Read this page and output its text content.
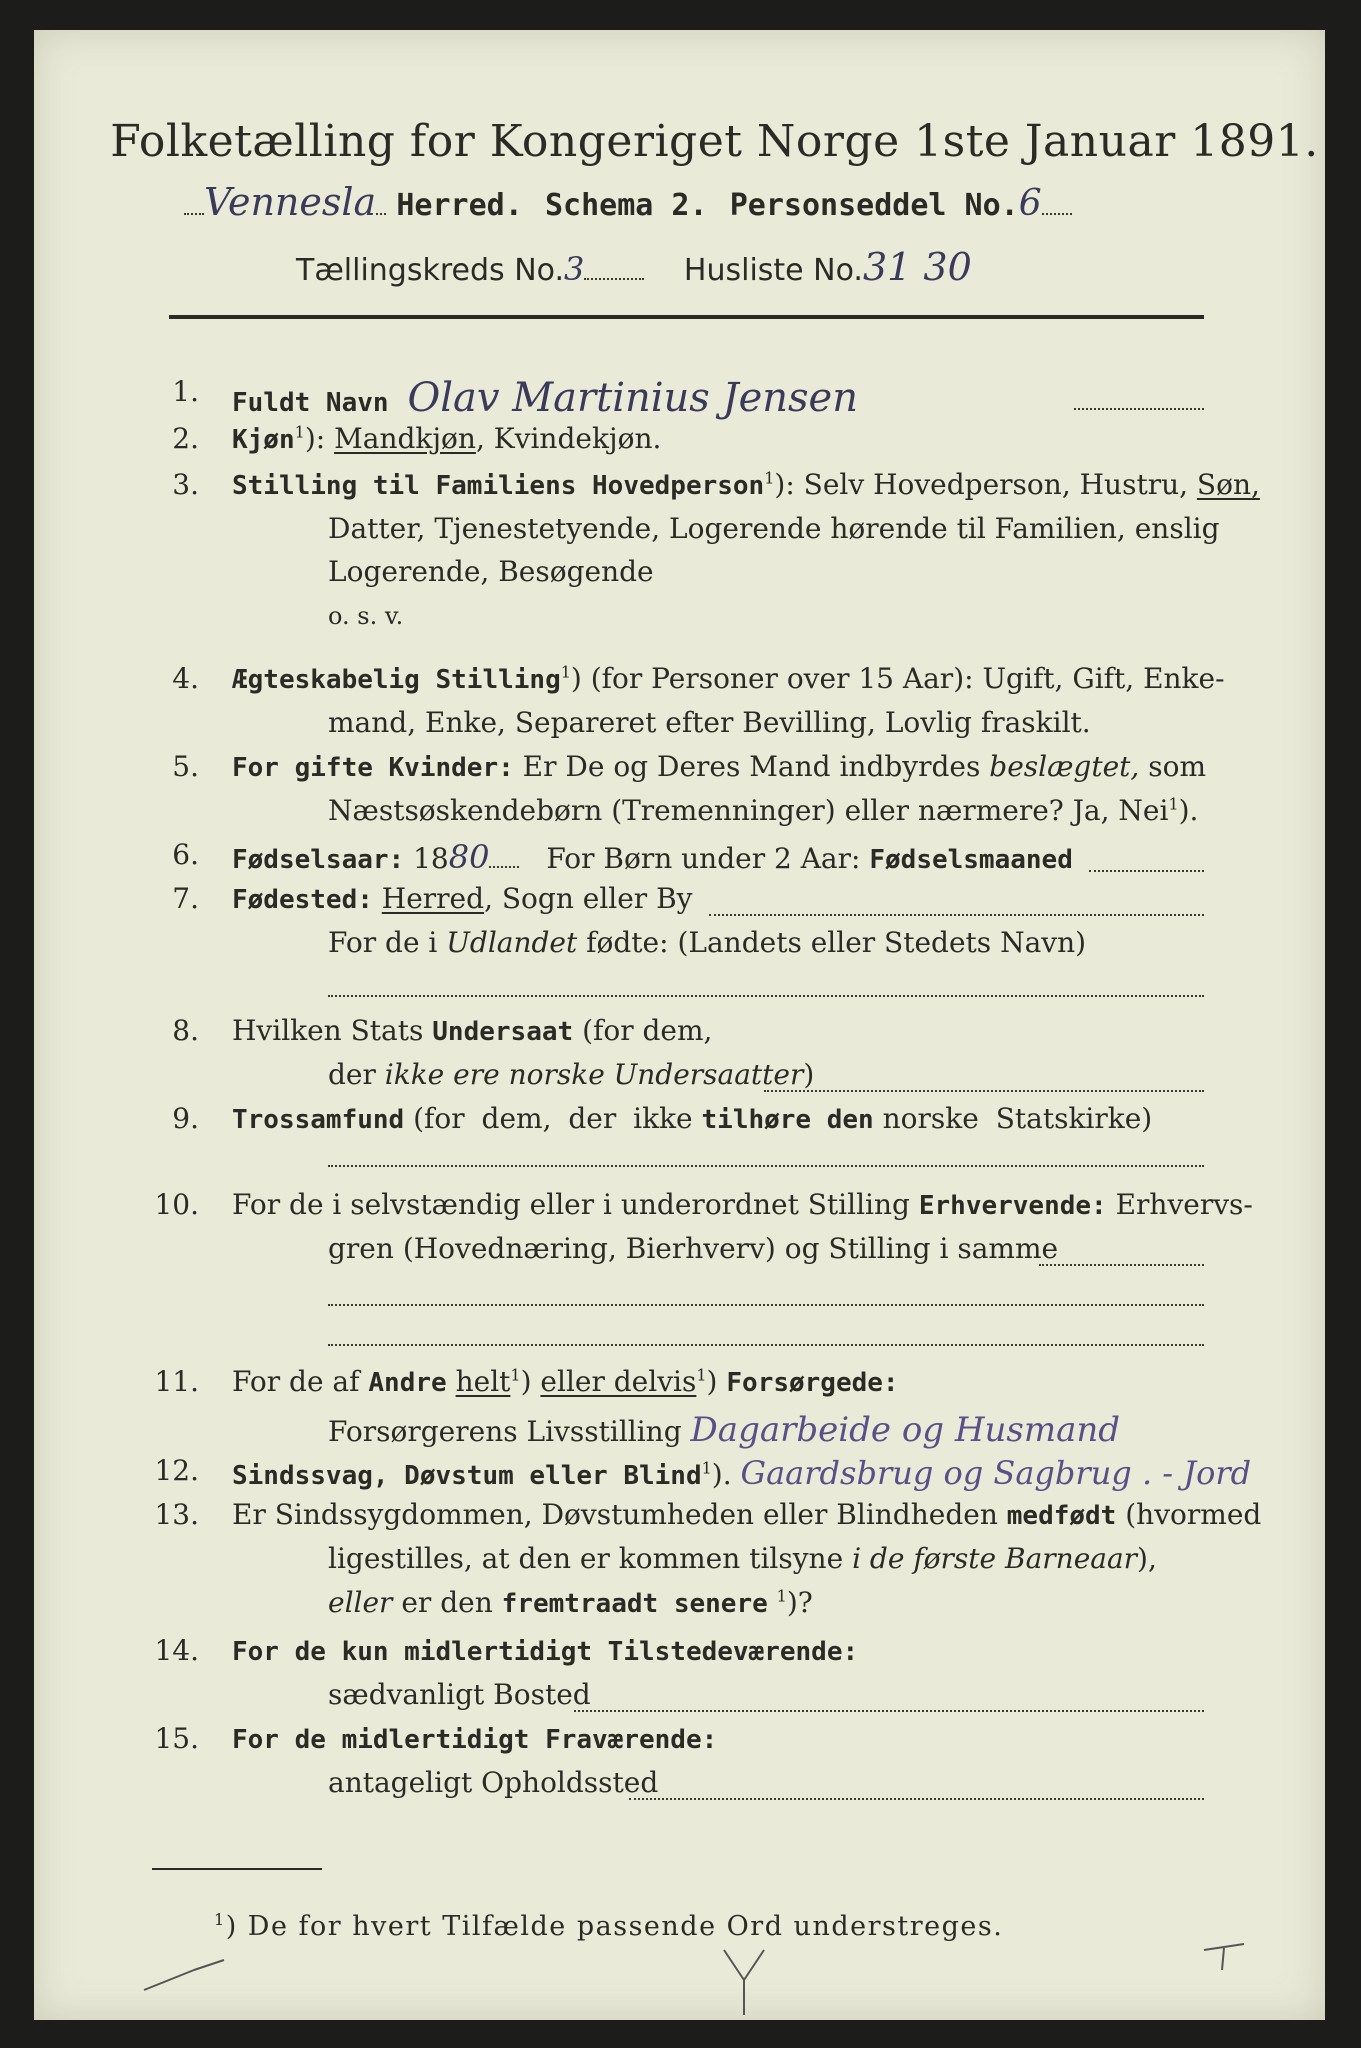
Folketælling for Kongeriget Norge 1ste Januar 1891.
Vennesla Herred. Schema 2. Personseddel No.6
Tællingskreds No.3	Husliste No.31 30
1. Fuldt Navn Olav Martinius Jensen
2. Kjøn$^1$): Mandkjøn, Kvindekjøn.
3. Stilling til Familiens Hovedperson$^1$): Selv Hovedperson, Hustru, Søn,
Datter, Tjenestetyende, Logerende hørende til Familien, enslig
Logerende, Besøgende
o. s. v.
4. Ægteskabelig Stilling$^1$) (for Personer over 15 Aar): Ugift, Gift, Enke-
mand, Enke, Separeret efter Bevilling, Lovlig fraskilt.
5. For gifte Kvinder: Er De og Deres Mand indbyrdes beslægtet, som
Næstsøskendebørn (Tremenninger) eller nærmere? Ja, Nei$^1$).
6. Fødselsaar: 1880 For Børn under 2 Aar: Fødselsmaaned
7. Fødested: Herred, Sogn eller By
For de i Udlandet fødte: (Landets eller Stedets Navn)
8. Hvilken Stats Undersaat (for dem,
der ikke ere norske Undersaatter)
9. Trossamfund (for dem, der ikke tilhøre den norske Statskirke)
10. For de i selvstændig eller i underordnet Stilling Erhvervende: Erhvervs-
gren (Hovednæring, Bierhverv) og Stilling i samme
11. For de af Andre helt$^1$) eller delvis$^1$) Forsørgede:
Forsørgerens Livsstilling Dagarbeide og Husmand
12. Sindssvag, Døvstum eller Blind$^1$). Gaardsbrug og Sagbrug . - Jord
13. Er Sindssygdommen, Døvstumheden eller Blindheden medfødt (hvormed
ligestilles, at den er kommen tilsyne i de første Barneaar),
eller er den fremtraadt senere $^1$)?
14. For de kun midlertidigt Tilstedeværende:
sædvanligt Bosted
15. For de midlertidigt Fraværende:
antageligt Opholdssted
$^1$) De for hvert Tilfælde passende Ord understreges.
